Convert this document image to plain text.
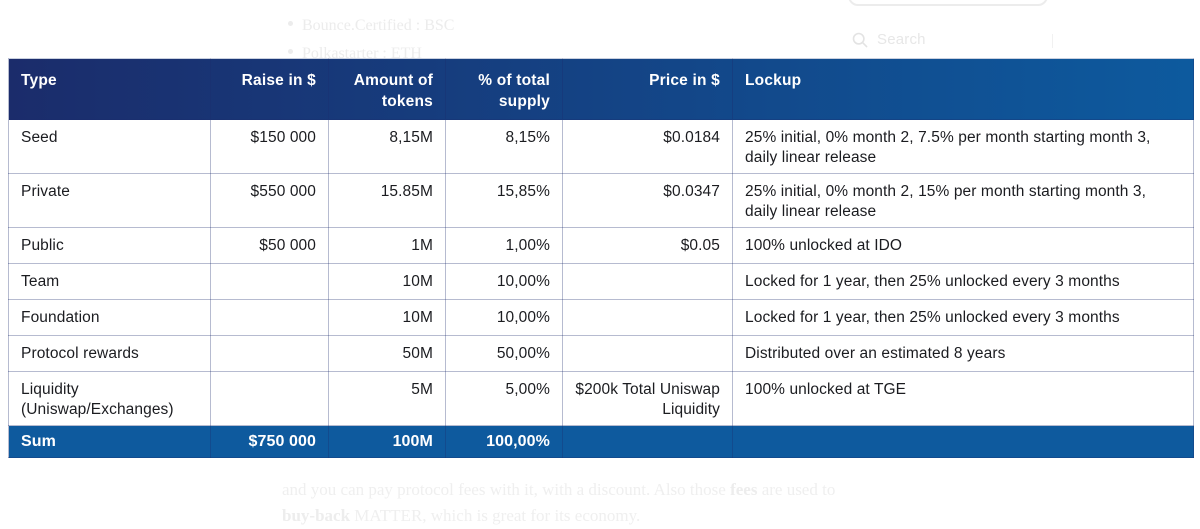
Bounce.Certified : BSC
Polkastarter : ETH
Search
and you can pay protocol fees with it, with a discount. Also those fees are used to
buy-back MATTER, which is great for its economy.
Type	Raise in $	Amount of tokens	% of total supply	Price in $	Lockup
Seed	$150 000	8,15M	8,15%	$0.0184	25% initial, 0% month 2, 7.5% per month starting month 3, daily linear release
Private	$550 000	15.85M	15,85%	$0.0347	25% initial, 0% month 2, 15% per month starting month 3, daily linear release
Public	$50 000	1M	1,00%	$0.05	100% unlocked at IDO
Team		10M	10,00%		Locked for 1 year, then 25% unlocked every 3 months
Foundation		10M	10,00%		Locked for 1 year, then 25% unlocked every 3 months
Protocol rewards		50M	50,00%		Distributed over an estimated 8 years
Liquidity (Uniswap/Exchanges)		5M	5,00%	$200k Total Uniswap Liquidity	100% unlocked at TGE
Sum	$750 000	100M	100,00%		
